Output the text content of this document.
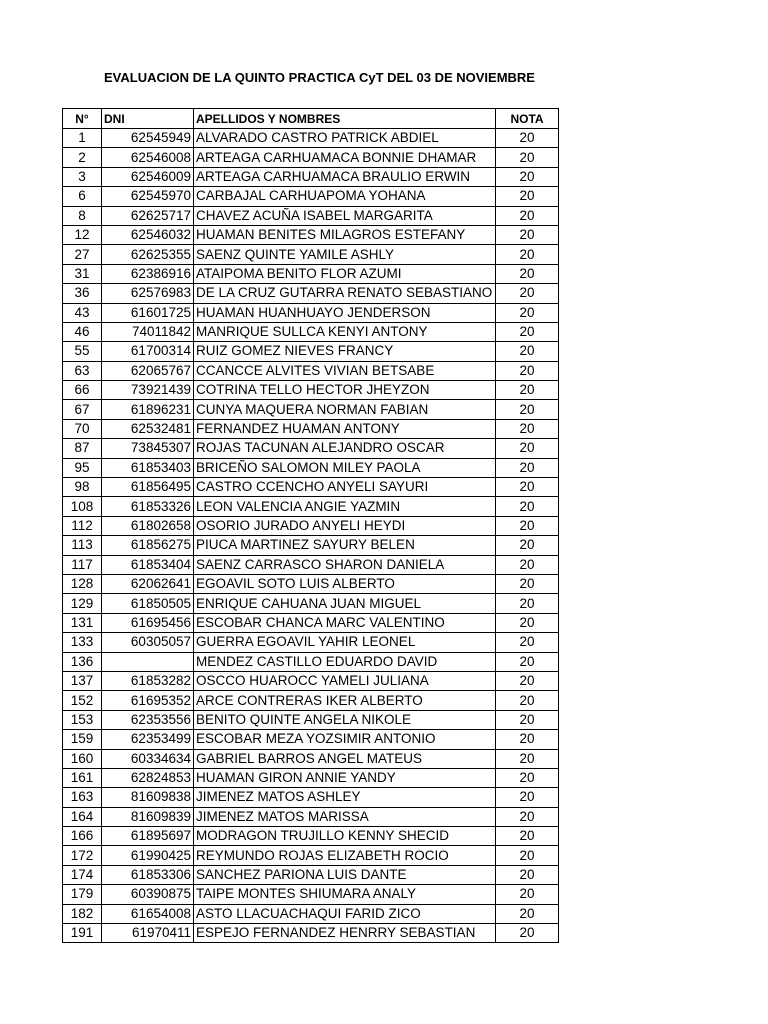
EVALUACION DE LA QUINTO PRACTICA CyT DEL 03 DE NOVIEMBRE
N°	DNI	APELLIDOS Y NOMBRES	NOTA
1	62545949	ALVARADO CASTRO PATRICK ABDIEL	20
2	62546008	ARTEAGA CARHUAMACA BONNIE DHAMAR	20
3	62546009	ARTEAGA CARHUAMACA BRAULIO ERWIN	20
6	62545970	CARBAJAL CARHUAPOMA YOHANA	20
8	62625717	CHAVEZ ACUÑA ISABEL MARGARITA	20
12	62546032	HUAMAN BENITES MILAGROS ESTEFANY	20
27	62625355	SAENZ QUINTE YAMILE ASHLY	20
31	62386916	ATAIPOMA BENITO FLOR AZUMI	20
36	62576983	DE LA CRUZ GUTARRA RENATO SEBASTIANO	20
43	61601725	HUAMAN HUANHUAYO JENDERSON	20
46	74011842	MANRIQUE SULLCA KENYI ANTONY	20
55	61700314	RUIZ GOMEZ NIEVES FRANCY	20
63	62065767	CCANCCE ALVITES VIVIAN BETSABE	20
66	73921439	COTRINA TELLO HECTOR JHEYZON	20
67	61896231	CUNYA MAQUERA NORMAN FABIAN	20
70	62532481	FERNANDEZ HUAMAN ANTONY	20
87	73845307	ROJAS TACUNAN ALEJANDRO OSCAR	20
95	61853403	BRICEÑO SALOMON MILEY PAOLA	20
98	61856495	CASTRO CCENCHO ANYELI SAYURI	20
108	61853326	LEON VALENCIA ANGIE YAZMIN	20
112	61802658	OSORIO JURADO ANYELI HEYDI	20
113	61856275	PIUCA MARTINEZ SAYURY BELEN	20
117	61853404	SAENZ CARRASCO SHARON DANIELA	20
128	62062641	EGOAVIL SOTO LUIS ALBERTO	20
129	61850505	ENRIQUE CAHUANA JUAN MIGUEL	20
131	61695456	ESCOBAR CHANCA MARC VALENTINO	20
133	60305057	GUERRA EGOAVIL YAHIR LEONEL	20
136		MENDEZ CASTILLO EDUARDO DAVID	20
137	61853282	OSCCO HUAROCC YAMELI JULIANA	20
152	61695352	ARCE CONTRERAS IKER ALBERTO	20
153	62353556	BENITO QUINTE ANGELA NIKOLE	20
159	62353499	ESCOBAR MEZA YOZSIMIR ANTONIO	20
160	60334634	GABRIEL BARROS ANGEL MATEUS	20
161	62824853	HUAMAN GIRON ANNIE YANDY	20
163	81609838	JIMENEZ MATOS ASHLEY	20
164	81609839	JIMENEZ MATOS MARISSA	20
166	61895697	MODRAGON TRUJILLO KENNY SHECID	20
172	61990425	REYMUNDO ROJAS ELIZABETH ROCIO	20
174	61853306	SANCHEZ PARIONA LUIS DANTE	20
179	60390875	TAIPE MONTES SHIUMARA ANALY	20
182	61654008	ASTO LLACUACHAQUI FARID ZICO	20
191	61970411	ESPEJO FERNANDEZ HENRRY SEBASTIAN	20
